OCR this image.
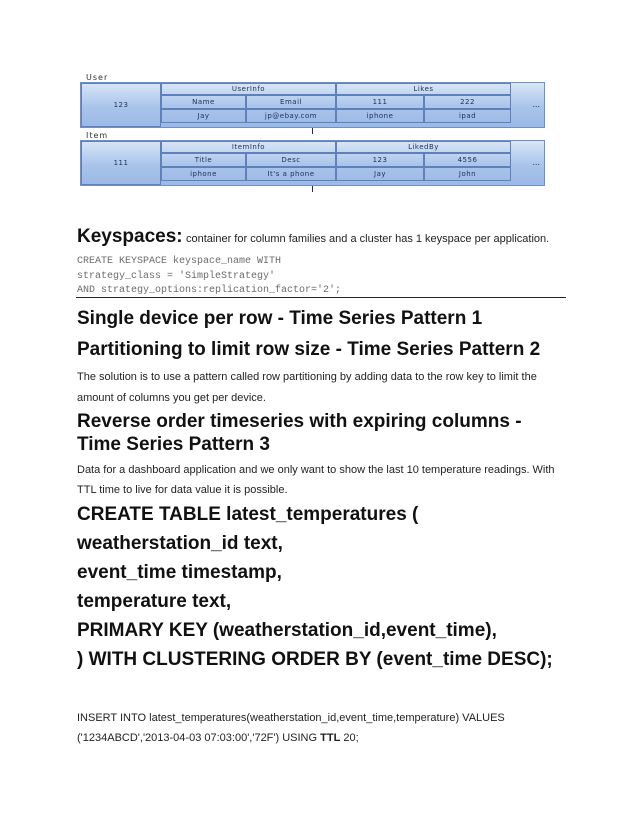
User
123
UserInfo	Likes
Name	Email	111	222
Jay	jp@ebay.com	iphone	ipad
...
Item
111
ItemInfo	LikedBy
Title	Desc	123	4556
iphone	It's a phone	Jay	John
...
Keyspaces: container for column families and a cluster has 1 keyspace per application.
CREATE KEYSPACE keyspace_name WITH
strategy_class = 'SimpleStrategy'
AND strategy_options:replication_factor='2';
Single device per row - Time Series Pattern 1
Partitioning to limit row size - Time Series Pattern 2
The solution is to use a pattern called row partitioning by adding data to the row key to limit the
amount of columns you get per device.
Reverse order timeseries with expiring columns -
Time Series Pattern 3
Data for a dashboard application and we only want to show the last 10 temperature readings. With
TTL time to live for data value it is possible.
CREATE TABLE latest_temperatures (
weatherstation_id text,
event_time timestamp,
temperature text,
PRIMARY KEY (weatherstation_id,event_time),
) WITH CLUSTERING ORDER BY (event_time DESC);
INSERT INTO latest_temperatures(weatherstation_id,event_time,temperature) VALUES
('1234ABCD','2013-04-03 07:03:00','72F') USING TTL 20;
